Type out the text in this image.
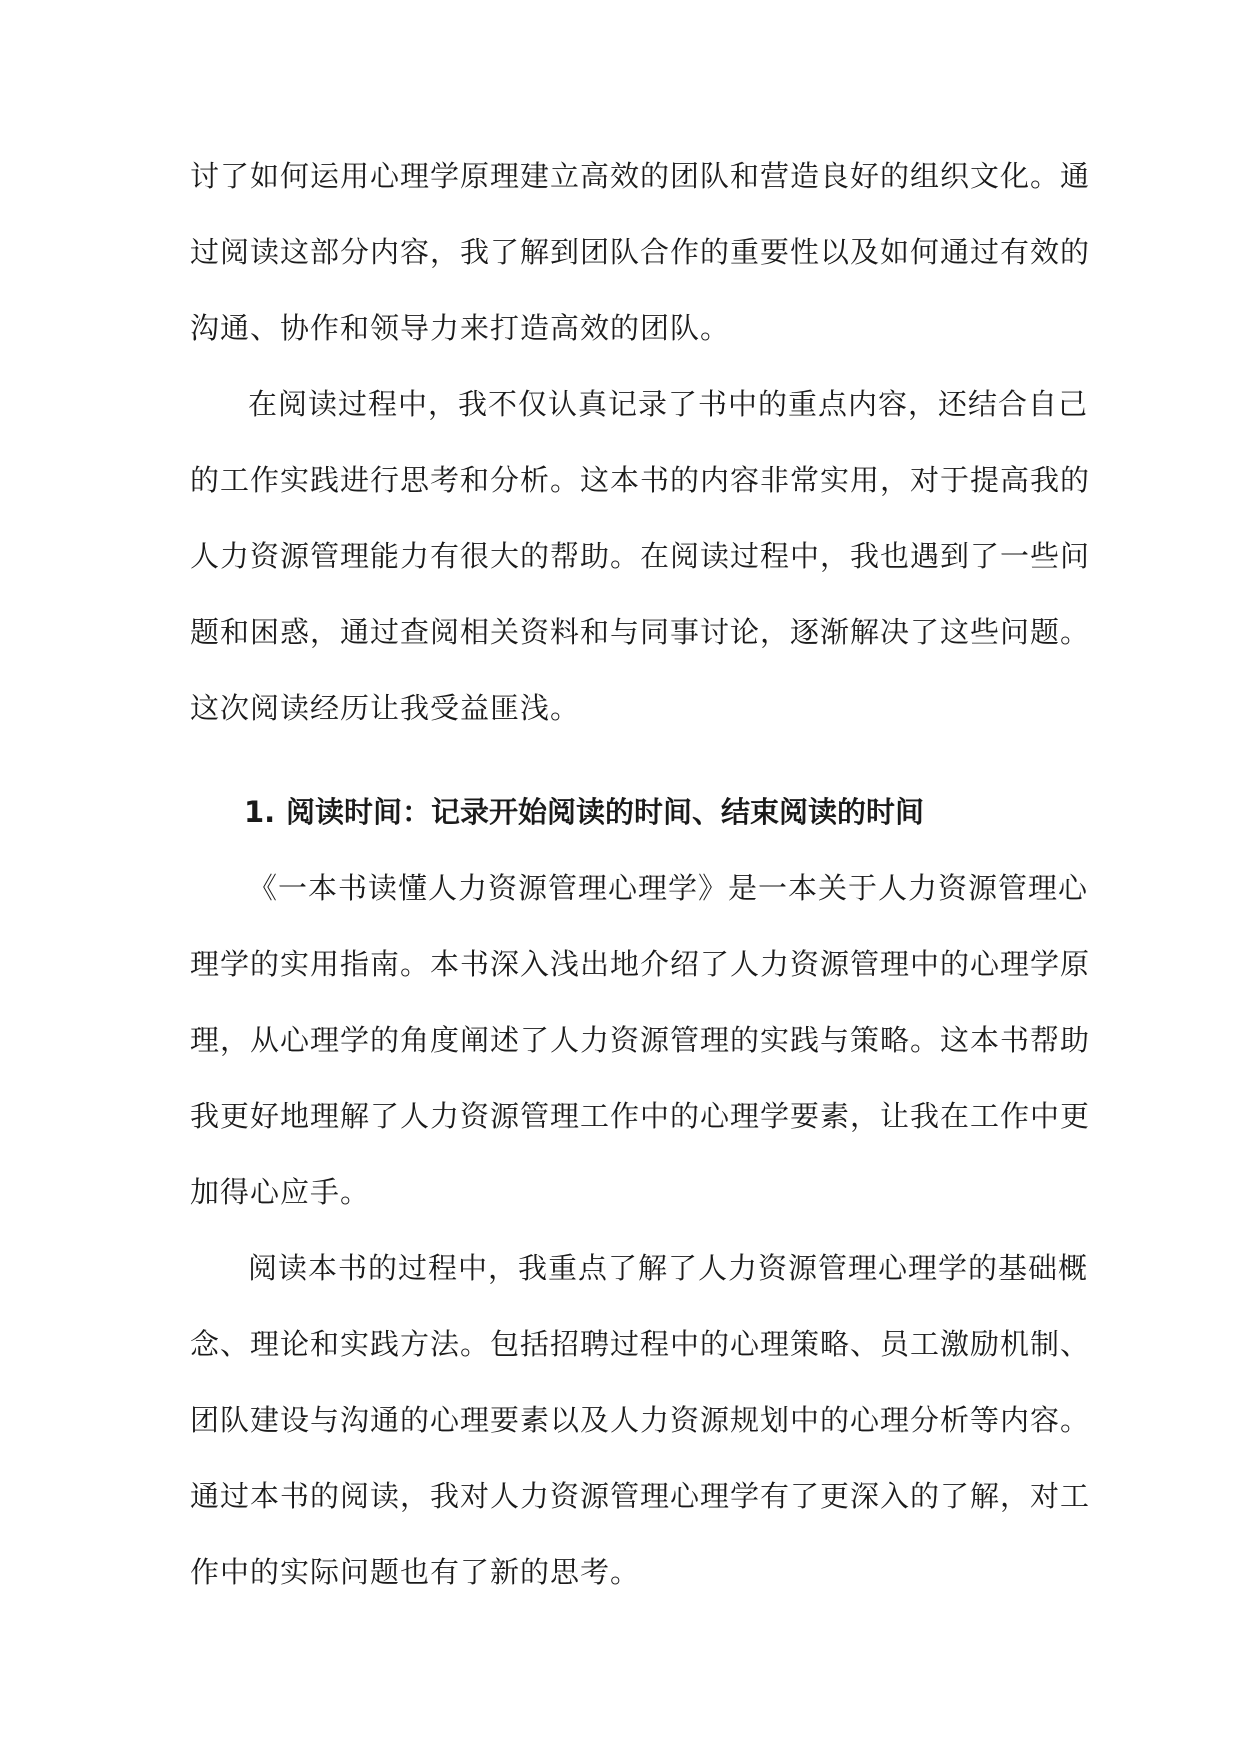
讨了如何运用心理学原理建立高效的团队和营造良好的组织文化。通
过阅读这部分内容，我了解到团队合作的重要性以及如何通过有效的
沟通、协作和领导力来打造高效的团队。
在阅读过程中，我不仅认真记录了书中的重点内容，还结合自己
的工作实践进行思考和分析。这本书的内容非常实用，对于提高我的
人力资源管理能力有很大的帮助。在阅读过程中，我也遇到了一些问
题和困惑，通过查阅相关资料和与同事讨论，逐渐解决了这些问题。
这次阅读经历让我受益匪浅。
1. 阅读时间：记录开始阅读的时间、结束阅读的时间
《一本书读懂人力资源管理心理学》是一本关于人力资源管理心
理学的实用指南。本书深入浅出地介绍了人力资源管理中的心理学原
理，从心理学的角度阐述了人力资源管理的实践与策略。这本书帮助
我更好地理解了人力资源管理工作中的心理学要素，让我在工作中更
加得心应手。
阅读本书的过程中，我重点了解了人力资源管理心理学的基础概
念、理论和实践方法。包括招聘过程中的心理策略、员工激励机制、
团队建设与沟通的心理要素以及人力资源规划中的心理分析等内容。
通过本书的阅读，我对人力资源管理心理学有了更深入的了解，对工
作中的实际问题也有了新的思考。
